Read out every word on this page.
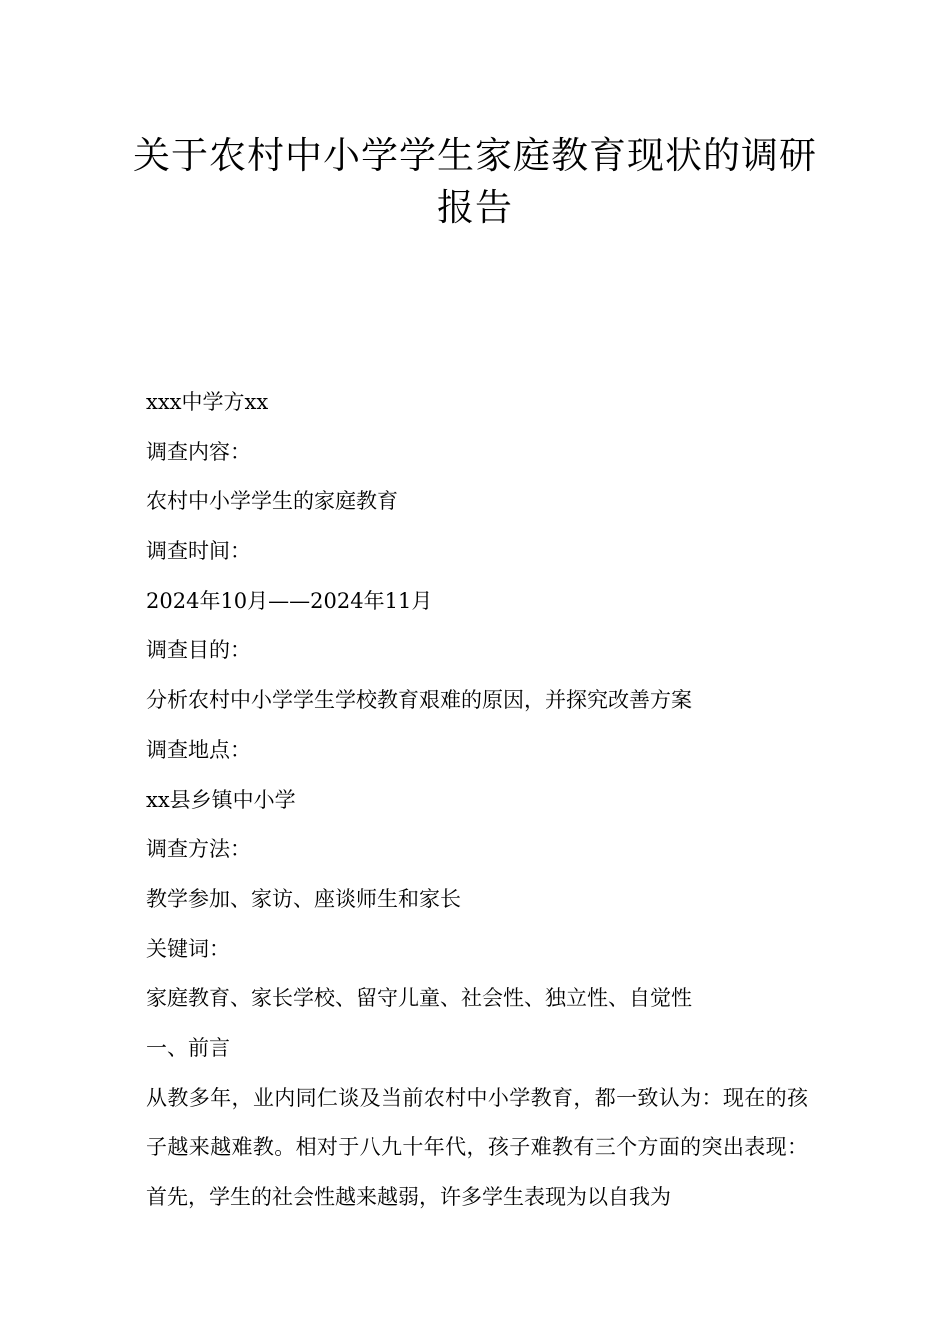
关于农村中小学学生家庭教育现状的调研报告

xxx中学方xx

调查内容：

农村中小学学生的家庭教育

调查时间：

2024年10月——2024年11月

调查目的：

分析农村中小学学生学校教育艰难的原因，并探究改善方案

调查地点：

xx县乡镇中小学

调查方法：

教学参加、家访、座谈师生和家长

关键词：

家庭教育、家长学校、留守儿童、社会性、独立性、自觉性

一、前言

从教多年，业内同仁谈及当前农村中小学教育，都一致认为：现在的孩子越来越难教。相对于八九十年代，孩子难教有三个方面的突出表现：首先，学生的社会性越来越弱，许多学生表现为以自我为
